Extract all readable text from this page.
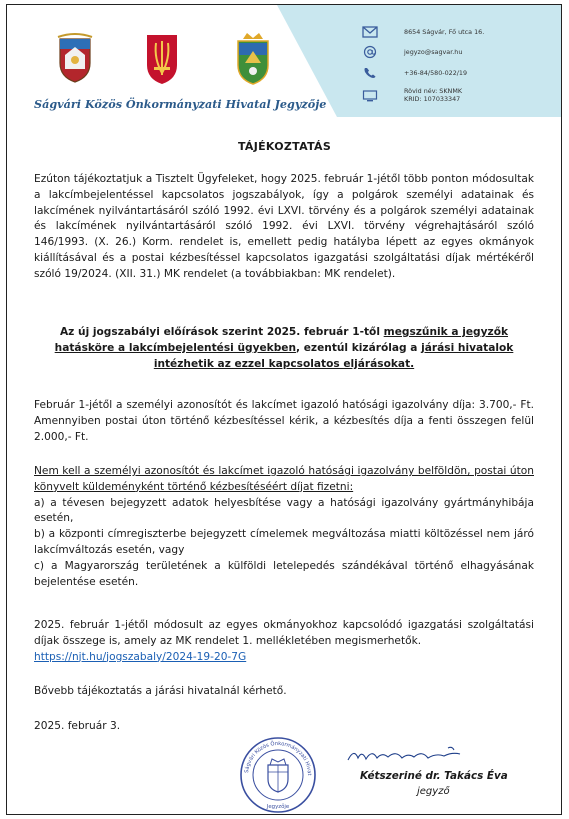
Ságvári Közös Önkormányzati Hivatal Jegyzője
8654 Ságvár, Fő utca 16.
jegyzo@sagvar.hu
+36-84/580-022/19
Rövid név: SKNMK
KRID: 107033347
TÁJÉKOZTATÁS
Ezúton tájékoztatjuk a Tisztelt Ügyfeleket, hogy 2025. február 1-jétől több ponton módosultak a lakcímbejelentéssel kapcsolatos jogszabályok, így a polgárok személyi adatainak és lakcímének nyilvántartásáról szóló 1992. évi LXVI. törvény és a polgárok személyi adatainak és lakcímének nyilvántartásáról szóló 1992. évi LXVI. törvény végrehajtásáról szóló 146/1993. (X. 26.) Korm. rendelet is, emellett pedig hatályba lépett az egyes okmányok kiállításával és a postai kézbesítéssel kapcsolatos igazgatási szolgáltatási díjak mértékéről szóló 19/2024. (XII. 31.) MK rendelet (a továbbiakban: MK rendelet).
Az új jogszabályi előírások szerint 2025. február 1-től megszűnik a jegyzők hatásköre a lakcímbejelentési ügyekben, ezentúl kizárólag a járási hivatalok intézhetik az ezzel kapcsolatos eljárásokat.
Február 1-jétől a személyi azonosítót és lakcímet igazoló hatósági igazolvány díja: 3.700,- Ft. Amennyiben postai úton történő kézbesítéssel kérik, a kézbesítés díja a fenti összegen felül 2.000,- Ft.
Nem kell a személyi azonosítót és lakcímet igazoló hatósági igazolvány belföldön, postai úton könyvelt küldeményként történő kézbesítéséért díjat fizetni:
a) a tévesen bejegyzett adatok helyesbítése vagy a hatósági igazolvány gyártmányhibája esetén,
b) a központi címregiszterbe bejegyzett címelemek megváltozása miatti költözéssel nem járó lakcímváltozás esetén, vagy
c) a Magyarország területének a külföldi letelepedés szándékával történő elhagyásának bejelentése esetén.
2025. február 1-jétől módosult az egyes okmányokhoz kapcsolódó igazgatási szolgáltatási díjak összege is, amely az MK rendelet 1. mellékletében megismerhetők.
https://njt.hu/jogszabaly/2024-19-20-7G
Bővebb tájékoztatás a járási hivatalnál kérhető.
2025. február 3.
Ságvári Közös Önkormányzati Hivat
Jegyzője
Kétszeriné dr. Takács Éva
jegyző
